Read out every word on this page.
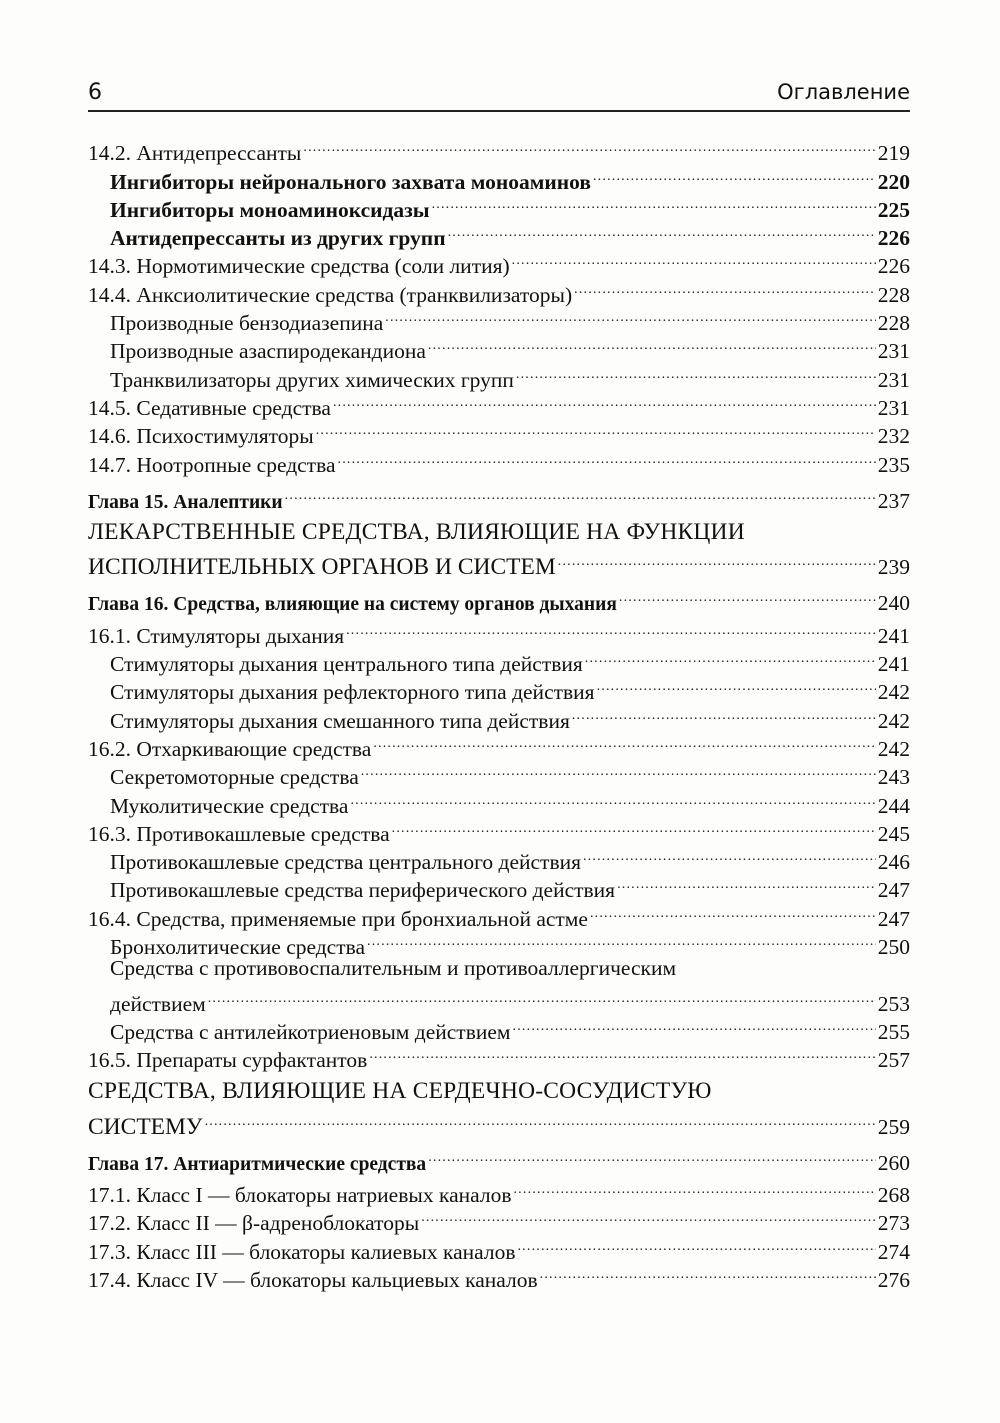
6	Оглавление
14.2. Антидепрессанты .....	219
Ингибиторы нейронального захвата моноаминов .....	220
Ингибиторы моноаминоксидазы .....	225
Антидепрессанты из других групп .....	226
14.3. Нормотимические средства (соли лития) .....	226
14.4. Анксиолитические средства (транквилизаторы) .....	228
Производные бензодиазепина .....	228
Производные азаспиродекандиона .....	231
Транквилизаторы других химических групп .....	231
14.5. Седативные средства .....	231
14.6. Психостимуляторы .....	232
14.7. Ноотропные средства .....	235
Глава 15. Аналептики .....	237
ЛЕКАРСТВЕННЫЕ СРЕДСТВА, ВЛИЯЮЩИЕ НА ФУНКЦИИ
ИСПОЛНИТЕЛЬНЫХ ОРГАНОВ И СИСТЕМ .....	239
Глава 16. Средства, влияющие на систему органов дыхания .....	240
16.1. Стимуляторы дыхания .....	241
Стимуляторы дыхания центрального типа действия .....	241
Стимуляторы дыхания рефлекторного типа действия .....	242
Стимуляторы дыхания смешанного типа действия .....	242
16.2. Отхаркивающие средства .....	242
Секретомоторные средства .....	243
Муколитические средства .....	244
16.3. Противокашлевые средства .....	245
Противокашлевые средства центрального действия .....	246
Противокашлевые средства периферического действия .....	247
16.4. Средства, применяемые при бронхиальной астме .....	247
Бронхолитические средства .....	250
Средства с противовоспалительным и противоаллергическим
действием .....	253
Средства с антилейкотриеновым действием .....	255
16.5. Препараты сурфактантов .....	257
СРЕДСТВА, ВЛИЯЮЩИЕ НА СЕРДЕЧНО-СОСУДИСТУЮ
СИСТЕМУ .....	259
Глава 17. Антиаритмические средства .....	260
17.1. Класс I — блокаторы натриевых каналов .....	268
17.2. Класс II — β-адреноблокаторы .....	273
17.3. Класс III — блокаторы калиевых каналов .....	274
17.4. Класс IV — блокаторы кальциевых каналов .....	276
